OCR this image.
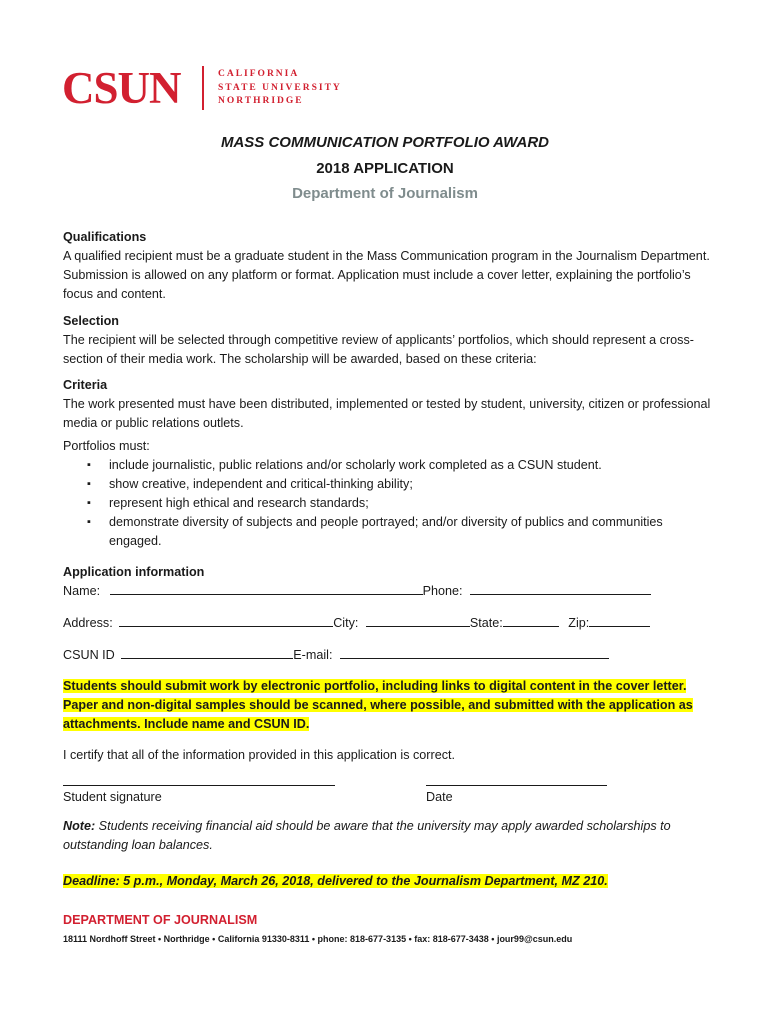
CSUN	CALIFORNIA
STATE UNIVERSITY
NORTHRIDGE
MASS COMMUNICATION PORTFOLIO AWARD
2018 APPLICATION
Department of Journalism
Qualifications
A qualified recipient must be a graduate student in the Mass Communication program in the Journalism Department. Submission is allowed on any platform or format. Application must include a cover letter, explaining the portfolio’s focus and content.
Selection
The recipient will be selected through competitive review of applicants’ portfolios, which should represent a cross-section of their media work. The scholarship will be awarded, based on these criteria:
Criteria
The work presented must have been distributed, implemented or tested by student, university, citizen or professional media or public relations outlets.
Portfolios must:
▪ include journalistic, public relations and/or scholarly work completed as a CSUN student.
▪ show creative, independent and critical-thinking ability;
▪ represent high ethical and research standards;
▪ demonstrate diversity of subjects and people portrayed; and/or diversity of publics and communities engaged.
Application information
Name:	Phone:
Address:	City:	State:	Zip:
CSUN ID	E-mail:
Students should submit work by electronic portfolio, including links to digital content in the cover letter. Paper and non-digital samples should be scanned, where possible, and submitted with the application as attachments. Include name and CSUN ID.
I certify that all of the information provided in this application is correct.
Student signature	Date
Note: Students receiving financial aid should be aware that the university may apply awarded scholarships to outstanding loan balances.
Deadline: 5 p.m., Monday, March 26, 2018, delivered to the Journalism Department, MZ 210.
DEPARTMENT OF JOURNALISM
18111 Nordhoff Street • Northridge • California 91330-8311 • phone: 818-677-3135 • fax: 818-677-3438 • jour99@csun.edu
